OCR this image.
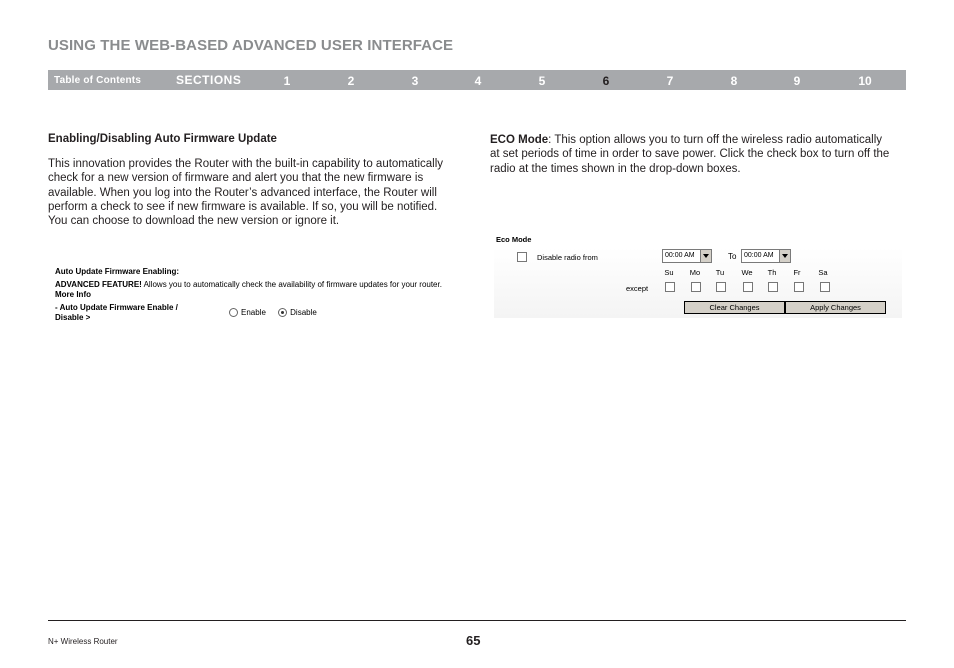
USING THE WEB-BASED ADVANCED USER INTERFACE
Table of Contents	SECTIONS	1	2	3	4	5	6	7	8	9	10

Enabling/Disabling Auto Firmware Update

This innovation provides the Router with the built-in capability to automatically check for a new version of firmware and alert you that the new firmware is available. When you log into the Router’s advanced interface, the Router will perform a check to see if new firmware is available. If so, you will be notified. You can choose to download the new version or ignore it.

ECO Mode: This option allows you to turn off the wireless radio automatically at set periods of time in order to save power. Click the check box to turn off the radio at the times shown in the drop-down boxes.

Auto Update Firmware Enabling:
ADVANCED FEATURE! Allows you to automatically check the availability of firmware updates for your router. More Info
- Auto Update Firmware Enable /
Disable >
Enable	Disable
Eco Mode
Disable radio from	00:00 AM	To 00:00 AM
Su	Mo	Tu	We	Th	Fr	Sa
except
Clear Changes	Apply Changes
N+ Wireless Router	65
